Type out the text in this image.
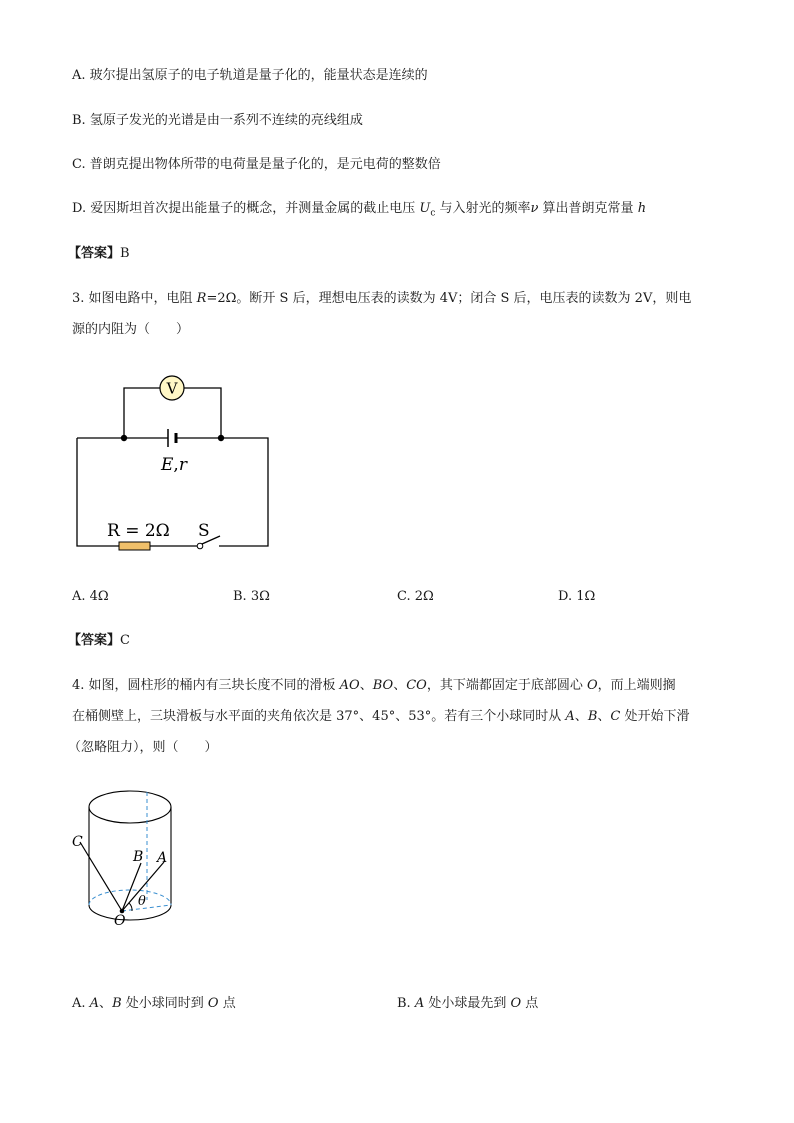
A. 玻尔提出氢原子的电子轨道是量子化的，能量状态是连续的
B. 氢原子发光的光谱是由一系列不连续的亮线组成
C. 普朗克提出物体所带的电荷量是量子化的，是元电荷的整数倍
D. 爱因斯坦首次提出能量子的概念，并测量金属的截止电压 $U_c$ 与入射光的频率ν 算出普朗克常量 h
【答案】B
3. 如图电路中，电阻 R=2Ω。断开 S 后，理想电压表的读数为 4V；闭合 S 后，电压表的读数为 2V，则电
源的内阻为（　　）
V
E,r
R = 2Ω S
A. 4Ω	B. 3Ω	C. 2Ω	D. 1Ω
【答案】C
4. 如图，圆柱形的桶内有三块长度不同的滑板 AO、BO、CO，其下端都固定于底部圆心 O，而上端则搁
在桶侧壁上，三块滑板与水平面的夹角依次是 37°、45°、53°。若有三个小球同时从 A、B、C 处开始下滑
（忽略阻力），则（　　）
C
B A
O
θ
A. A、B 处小球同时到 O 点	B. A 处小球最先到 O 点
